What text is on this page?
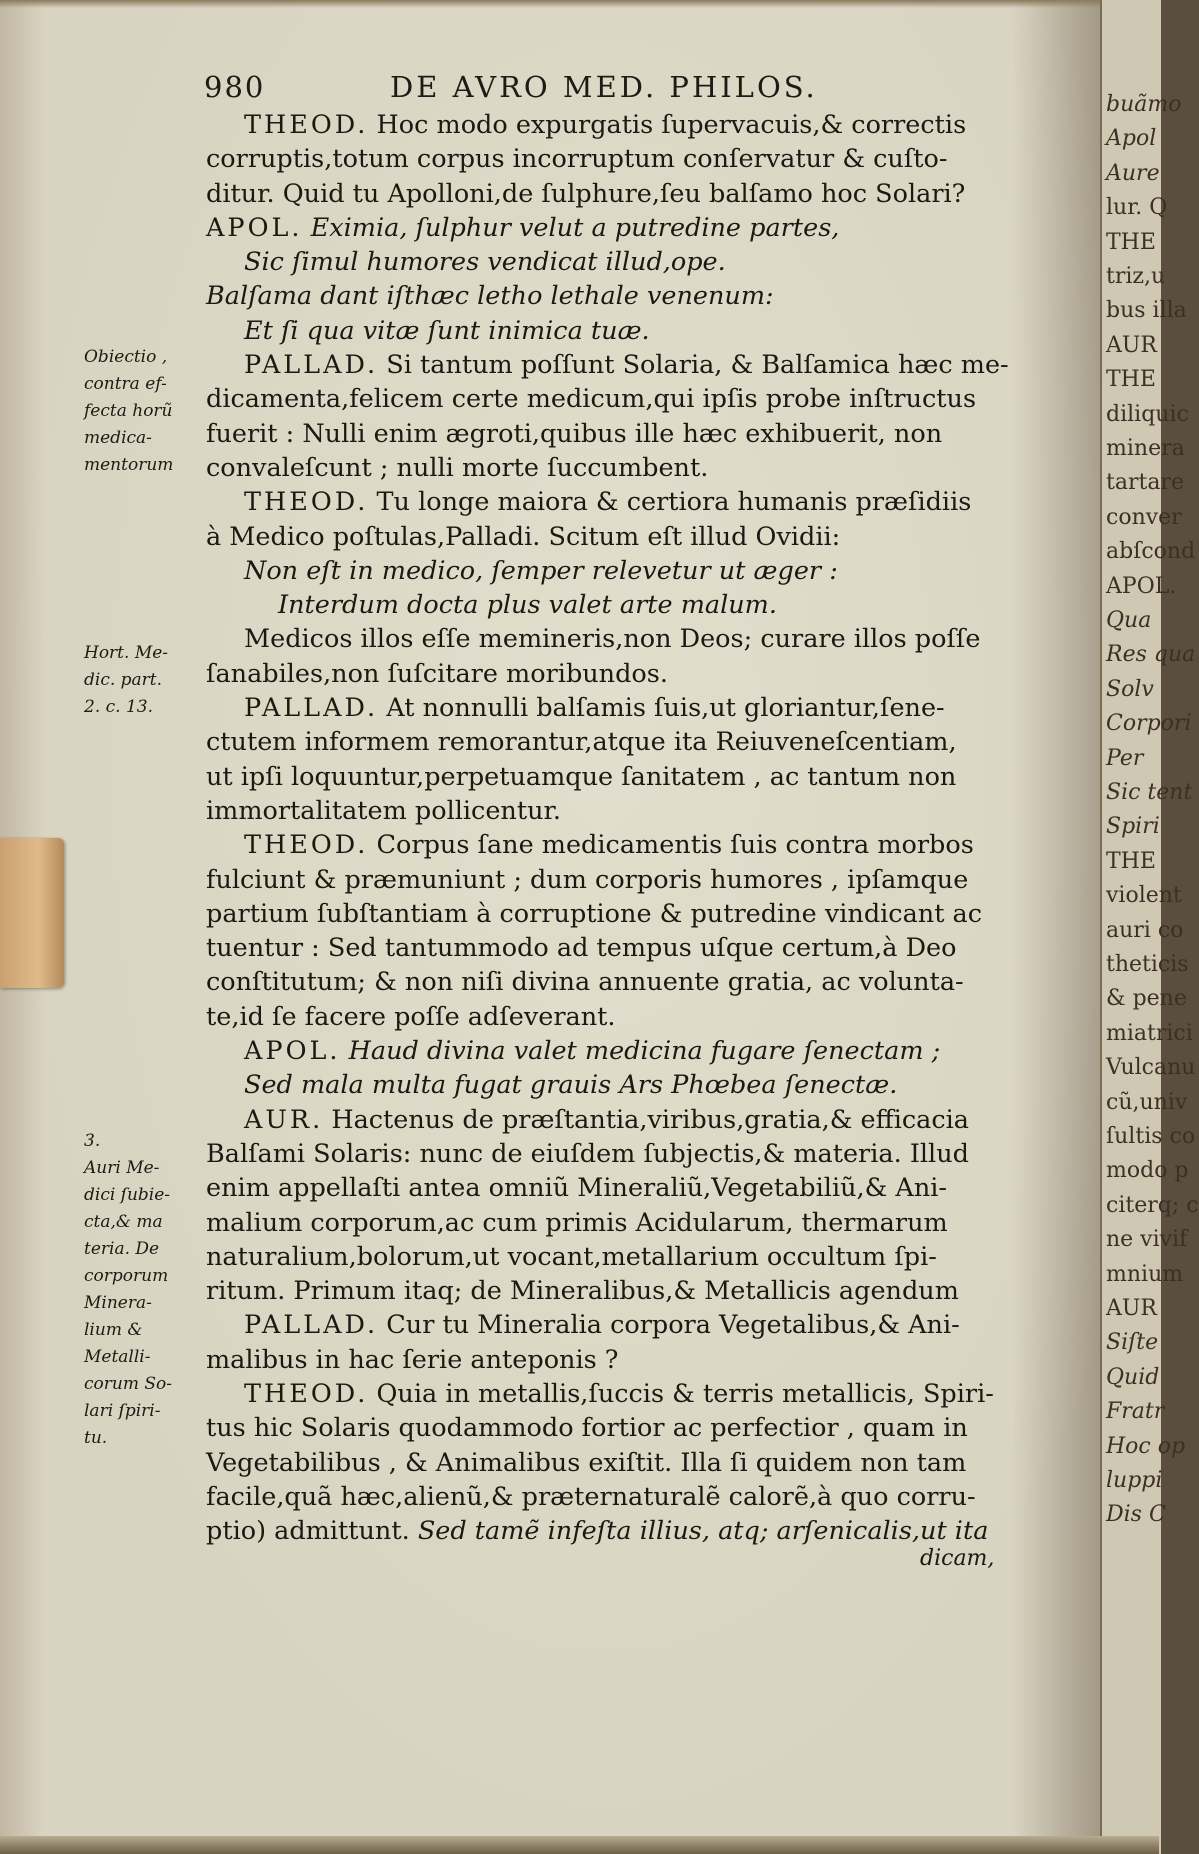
980	DE AVRO MED. PHILOS.
Obiectio ,
contra ef-
fecta horũ
medica-
mentorum
Hort. Me-
dic. part.
2. c. 13.
3.
Auri Me-
dici ſubie-
cta,& ma
teria. De
corporum
Minera-
lium &
Metalli-
corum So-
lari ſpiri-
tu.
THEOD. Hoc modo expurgatis ſupervacuis,& correctis
corruptis,totum corpus incorruptum conſervatur & cuſto-
ditur. Quid tu Apolloni,de ſulphure,ſeu balſamo hoc Solari?
APOL. Eximia, ſulphur velut a putredine partes,
Sic ſimul humores vendicat illud,ope.
Balſama dant iſthæc letho lethale venenum:
Et ſi qua vitæ ſunt inimica tuæ.
PALLAD. Si tantum poſſunt Solaria, & Balſamica hæc me-
dicamenta,felicem certe medicum,qui ipſis probe inſtructus
fuerit : Nulli enim ægroti,quibus ille hæc exhibuerit, non
convaleſcunt ; nulli morte ſuccumbent.
THEOD. Tu longe maiora & certiora humanis præſidiis
à Medico poſtulas,Palladi. Scitum eſt illud Ovidii:
Non eſt in medico, ſemper relevetur ut æger :
Interdum docta plus valet arte malum.
Medicos illos eſſe memineris,non Deos; curare illos poſſe
ſanabiles,non ſuſcitare moribundos.
PALLAD. At nonnulli balſamis ſuis,ut gloriantur,ſene-
ctutem informem remorantur,atque ita Reiuveneſcentiam,
ut ipſi loquuntur,perpetuamque ſanitatem , ac tantum non
immortalitatem pollicentur.
THEOD. Corpus ſane medicamentis ſuis contra morbos
fulciunt & præmuniunt ; dum corporis humores , ipſamque
partium ſubſtantiam à corruptione & putredine vindicant ac
tuentur : Sed tantummodo ad tempus uſque certum,à Deo
conſtitutum; & non niſi divina annuente gratia, ac volunta-
te,id ſe facere poſſe adſeverant.
APOL. Haud divina valet medicina fugare ſenectam ;
Sed mala multa fugat grauis Ars Phœbea ſenectæ.
AUR. Hactenus de præſtantia,viribus,gratia,& efficacia
Balſami Solaris: nunc de eiuſdem ſubjectis,& materia. Illud
enim appellaſti antea omniũ Mineraliũ,Vegetabiliũ,& Ani-
malium corporum,ac cum primis Acidularum, thermarum
naturalium,bolorum,ut vocant,metallarium occultum ſpi-
ritum. Primum itaq; de Mineralibus,& Metallicis agendum
PALLAD. Cur tu Mineralia corpora Vegetalibus,& Ani-
malibus in hac ſerie anteponis ?
THEOD. Quia in metallis,ſuccis & terris metallicis, Spiri-
tus hic Solaris quodammodo fortior ac perfectior , quam in
Vegetabilibus , & Animalibus exiſtit. Illa ſi quidem non tam
facile,quã hæc,alienũ,& præternaturalẽ calorẽ,à quo corru-
ptio) admittunt. Sed tamẽ infeſta illius, atq; arſenicalis,ut ita
dicam,
buãmo
Apol
Aure
lur. Q
THE
triz,u
bus illa
AUR
THE
diliquic
minera
tartare
conver
abſcond
APOL.
Qua
Res qua
Solv
Corpori
Per
Sic tent
Spiri
THE
violent
auri co
theticis
& pene
miatrici
Vulcanu
cũ,univ
ſultis co
modo p
citerq; c
ne vivif
mnium
AUR
Siſte
Quid
Fratr
Hoc op
luppi
Dis C
